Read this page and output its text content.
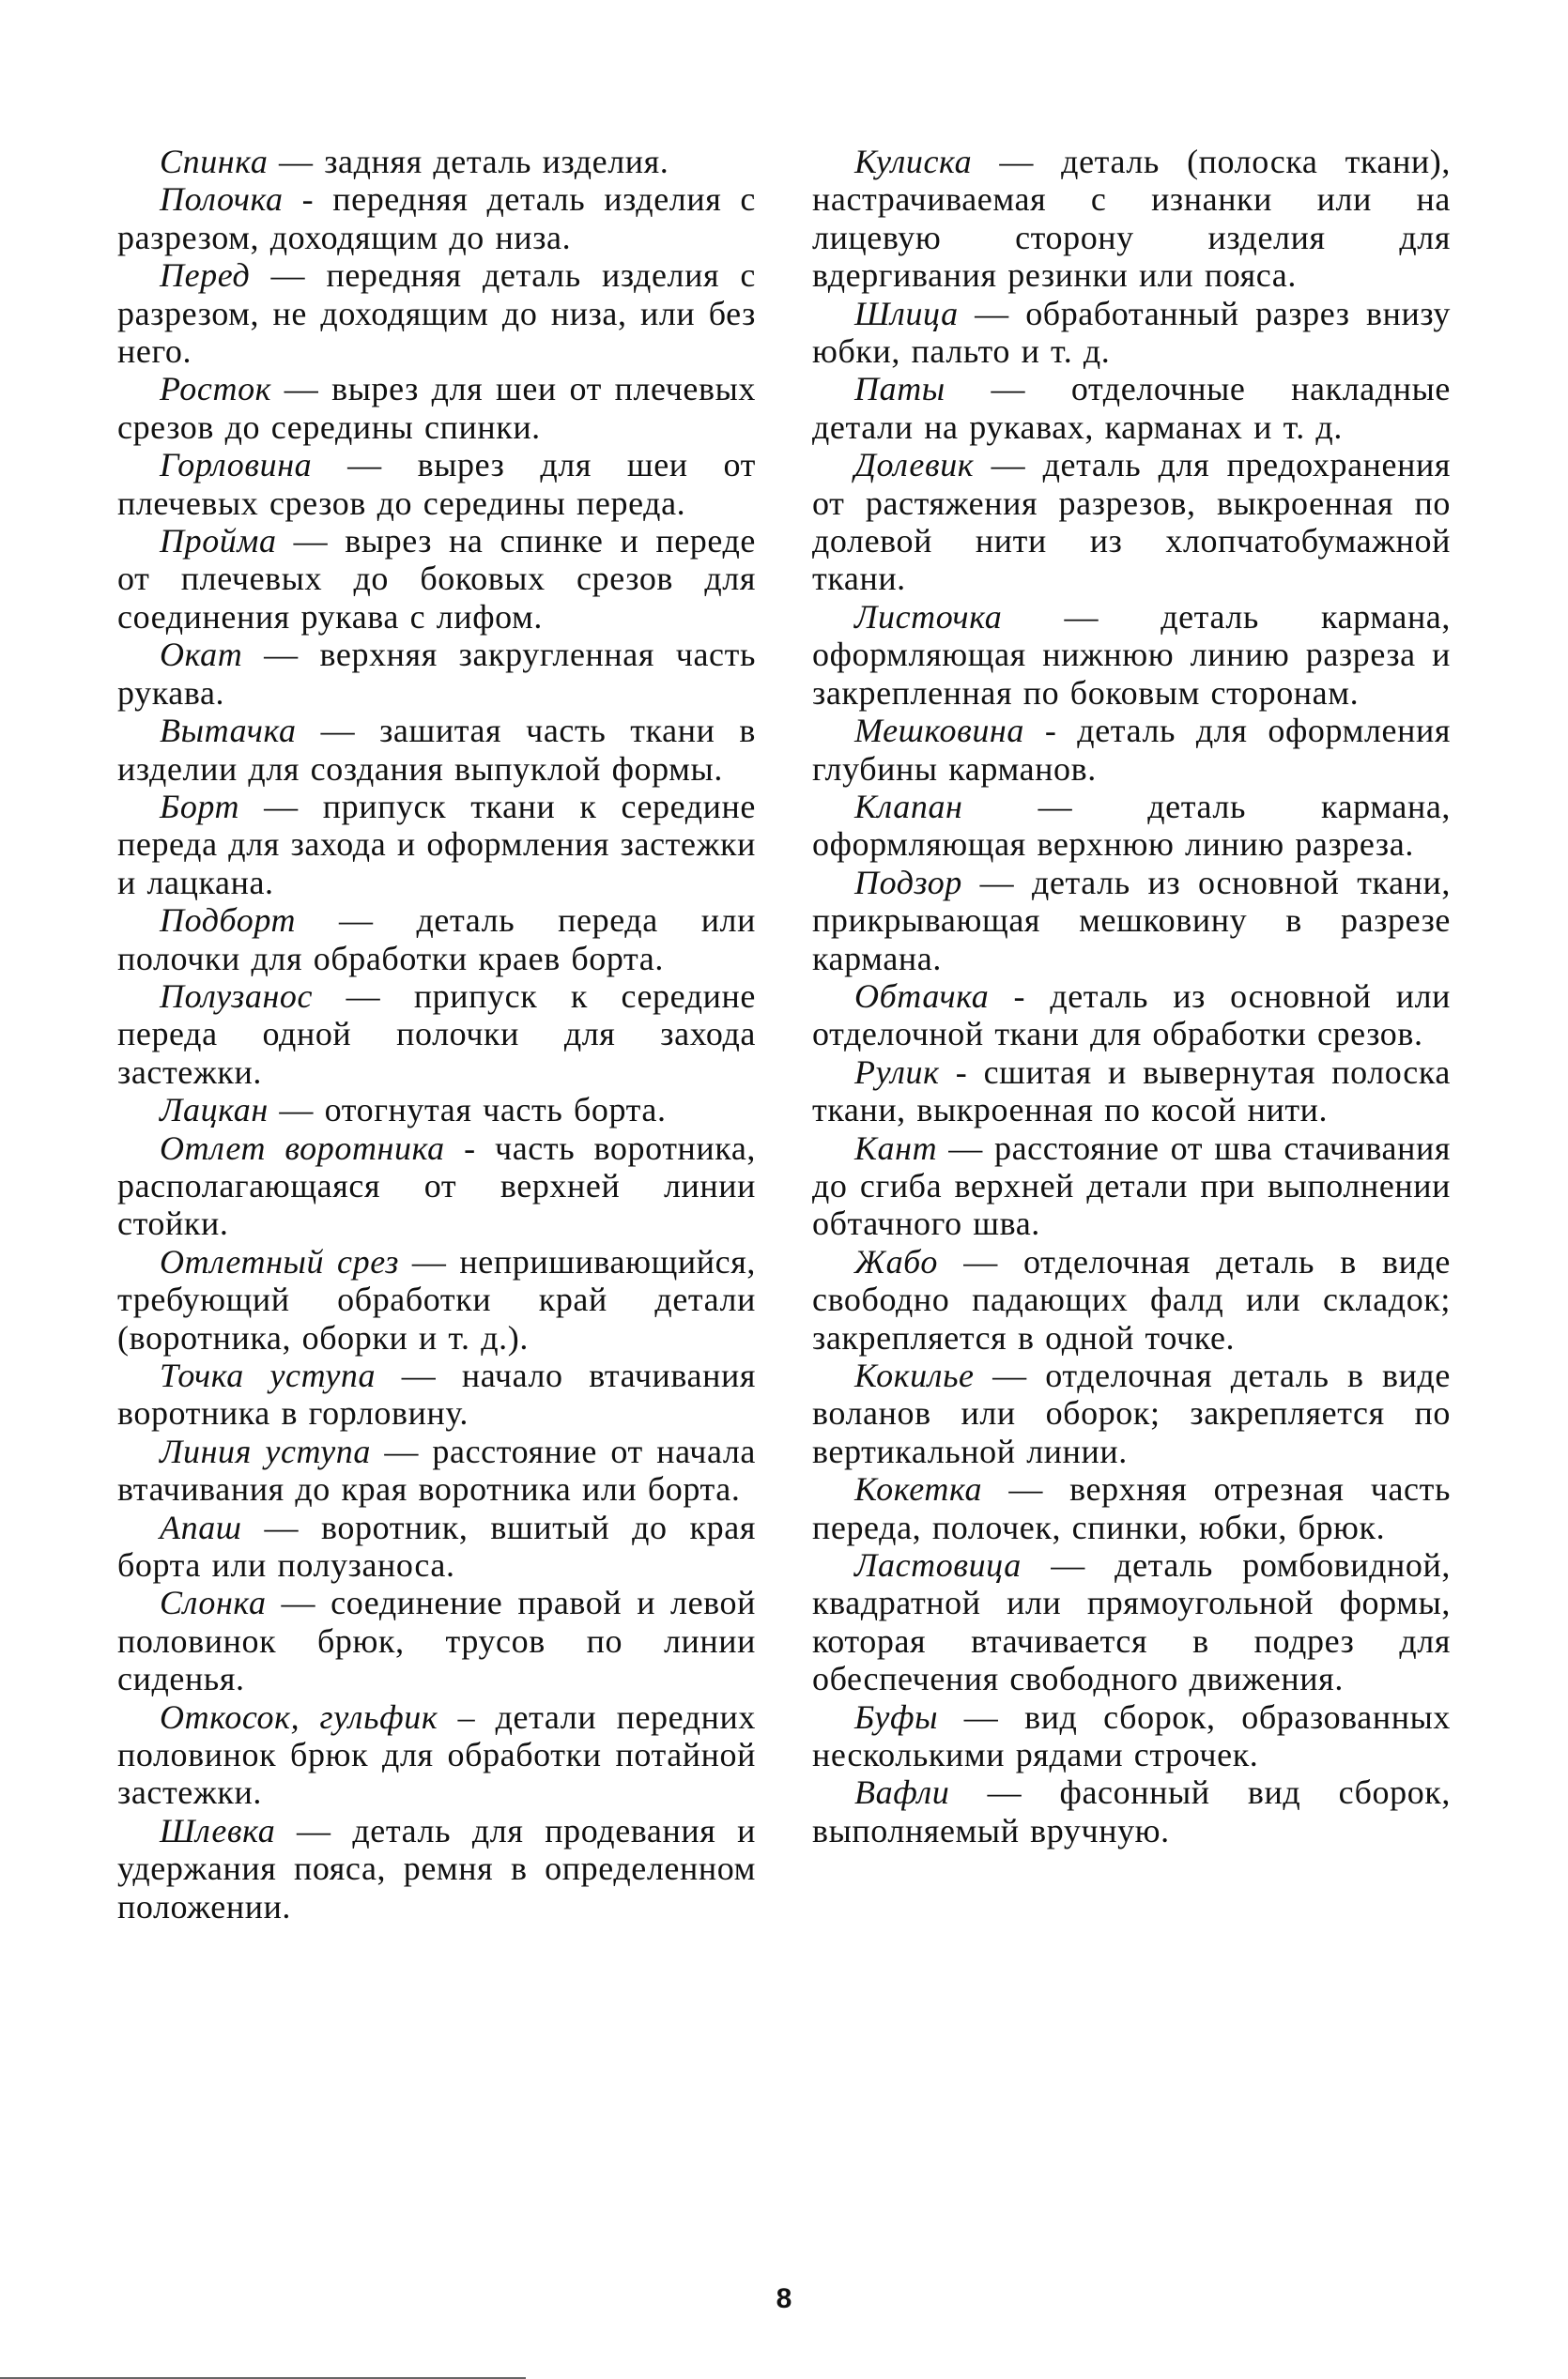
Спинка — задняя деталь изделия.

Полочка - передняя деталь изделия с разрезом, доходящим до низа.

Перед — передняя деталь изделия с разрезом, не доходящим до низа, или без него.

Росток — вырез для шеи от плечевых срезов до середины спинки.

Горловина — вырез для шеи от плечевых срезов до середины переда.

Пройма — вырез на спинке и переде от плечевых до боковых срезов для соединения рукава с лифом.

Окат — верхняя закругленная часть рукава.

Вытачка — зашитая часть ткани в изделии для создания выпуклой формы.

Борт — припуск ткани к середине переда для захода и оформления застежки и лацкана.

Подборт — деталь переда или полочки для обработки краев борта.

Полузанос — припуск к середине переда одной полочки для захода застежки.

Лацкан — отогнутая часть борта.

Отлет воротника - часть воротника, располагающаяся от верхней линии стойки.

Отлетный срез — непришивающийся, требующий обработки край детали (воротника, оборки и т. д.).

Точка уступа — начало втачивания воротника в горловину.

Линия уступа — расстояние от начала втачивания до края воротника или борта.

Апаш — воротник, вшитый до края борта или полузаноса.

Слонка — соединение правой и левой половинок брюк, трусов по линии сиденья.

Откосок, гульфик – детали передних половинок брюк для обработки потайной застежки.

Шлевка — деталь для продевания и удержания пояса, ремня в определенном положении.

Кулиска — деталь (полоска ткани), настрачиваемая с изнанки или на лицевую сторону изделия для вдергивания резинки или пояса.

Шлица — обработанный разрез внизу юбки, пальто и т. д.

Паты — отделочные накладные детали на рукавах, карманах и т. д.

Долевик — деталь для предохранения от растяжения разрезов, выкроенная по долевой нити из хлопчатобумажной ткани.

Листочка — деталь кармана, оформляющая нижнюю линию разреза и закрепленная по боковым сторонам.

Мешковина - деталь для оформления глубины карманов.

Клапан — деталь кармана, оформляющая верхнюю линию разреза.

Подзор — деталь из основной ткани, прикрывающая мешковину в разрезе кармана.

Обтачка - деталь из основной или отделочной ткани для обработки срезов.

Рулик - сшитая и вывернутая полоска ткани, выкроенная по косой нити.

Кант — расстояние от шва стачивания до сгиба верхней детали при выполнении обтачного шва.

Жабо — отделочная деталь в виде свободно падающих фалд или складок; закрепляется в одной точке.

Кокилье — отделочная деталь в виде воланов или оборок; закрепляется по вертикальной линии.

Кокетка — верхняя отрезная часть переда, полочек, спинки, юбки, брюк.

Ластовица — деталь ромбовидной, квадратной или прямоугольной формы, которая втачивается в подрез для обеспечения свободного движения.

Буфы — вид сборок, образованных несколькими рядами строчек.

Вафли — фасонный вид сборок, выполняемый вручную.

8
